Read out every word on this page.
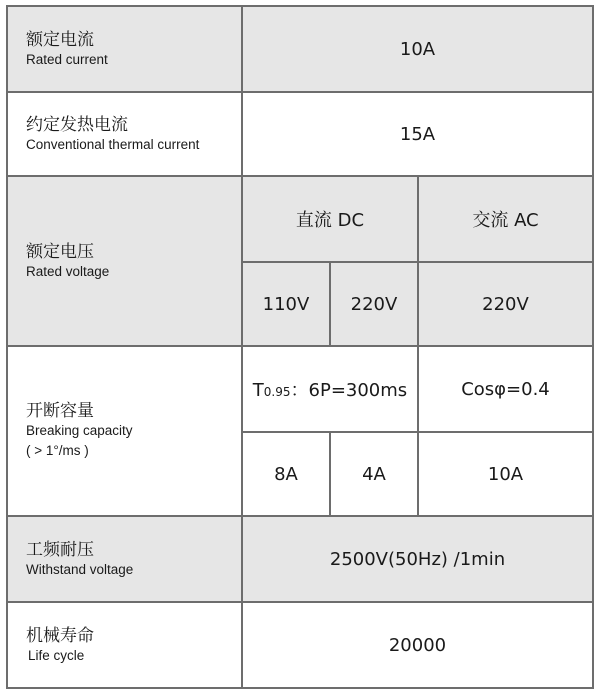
额定电流
Rated current	10A		

约定发热电流
Conventional thermal current	15A		

额定电压
Rated voltage	直流 DC		交流 AC
	110V	220V	220V

开断容量
Breaking capacity
( > 1°/ms )	T0.95：6P=300ms		Cosφ=0.4
	8A	4A	10A

工频耐压
Withstand voltage	2500V(50Hz) /1min		

机械寿命
Life cycle	20000		
